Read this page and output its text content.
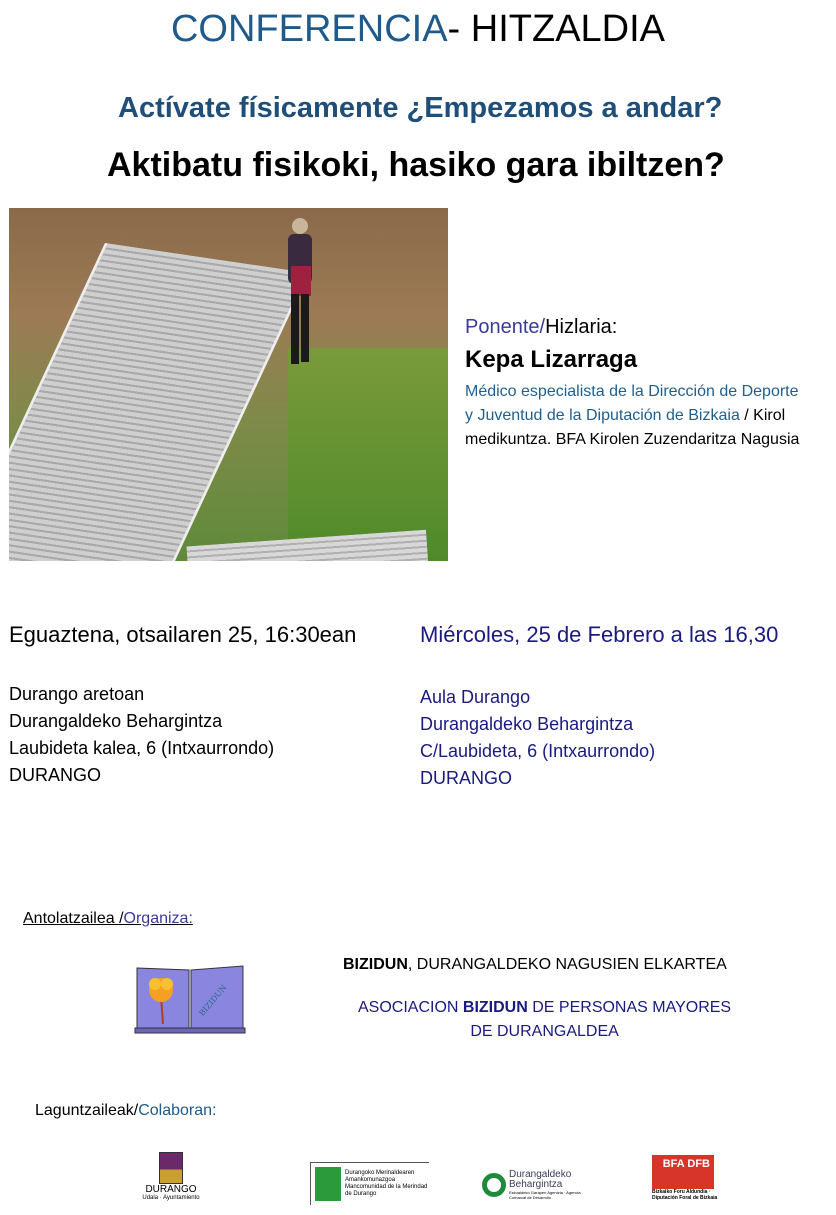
CONFERENCIA- HITZALDIA
Actívate físicamente ¿Empezamos a andar?
Aktibatu fisikoki, hasiko gara ibiltzen?
Ponente/Hizlaria:
Kepa Lizarraga
Médico especialista de la Dirección de Deporte y Juventud de la Diputación de Bizkaia / Kirol medikuntza. BFA Kirolen Zuzendaritza Nagusia
Eguaztena, otsailaren 25, 16:30ean	Miércoles, 25 de Febrero a las 16,30
Durango aretoan
Durangaldeko Behargintza
Laubideta kalea, 6 (Intxaurrondo)
DURANGO
Aula Durango
Durangaldeko Behargintza
C/Laubideta, 6 (Intxaurrondo)
DURANGO
Antolatzailea /Organiza:
BIZIDUN
BIZIDUN, DURANGALDEKO NAGUSIEN ELKARTEA
ASOCIACION BIZIDUN DE PERSONAS MAYORES
DE DURANGALDEA
Laguntzaileak/Colaboran:
DURANGO
Udala · Ayuntamiento
Durangoko Merinaldearen Amankomunazgoa
Mancomunidad de la Merindad de Durango
Durangaldeko Behargintza
Eskualdeko Garapen Agentzia · Agencia Comarcal de Desarrollo
BFA DFB
Bizkaiko Foru Aldundia · Diputación Foral de Bizkaia
